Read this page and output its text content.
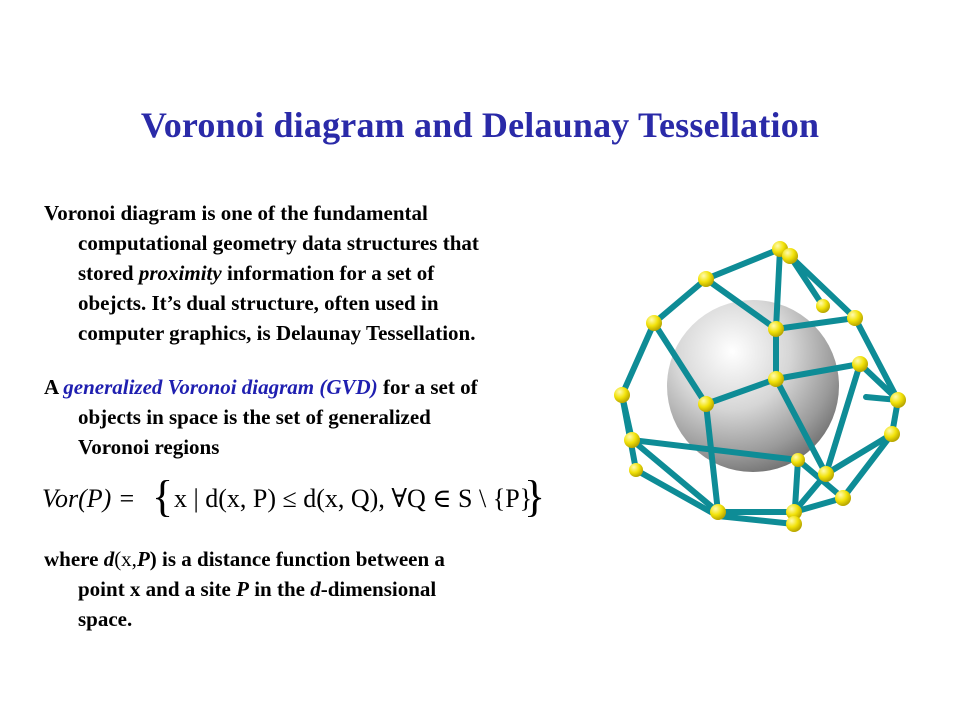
Voronoi diagram and Delaunay Tessellation
Voronoi diagram is one of the fundamental
computational geometry data structures that
stored proximity information for a set of
obejcts. It’s dual structure, often used in
computer graphics, is Delaunay Tessellation.
A generalized Voronoi diagram (GVD) for a set of
objects in space is the set of generalized
Voronoi regions
Vor(P) = { x | d(x, P) ≤ d(x, Q), ∀Q ∈ S \ {P}
}
where d(x,P) is a distance function between a
point x and a site P in the d-dimensional
space.
